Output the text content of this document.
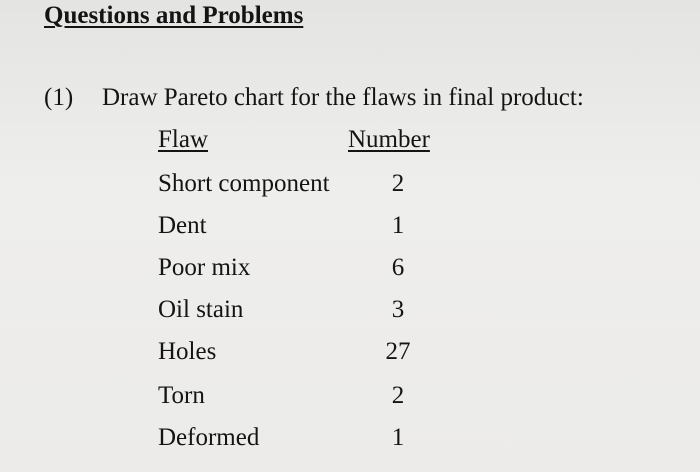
Questions and Problems
(1) Draw Pareto chart for the flaws in final product:
Flaw	Number
Short component	2
Dent	1
Poor mix	6
Oil stain	3
Holes	27
Torn	2
Deformed	1
